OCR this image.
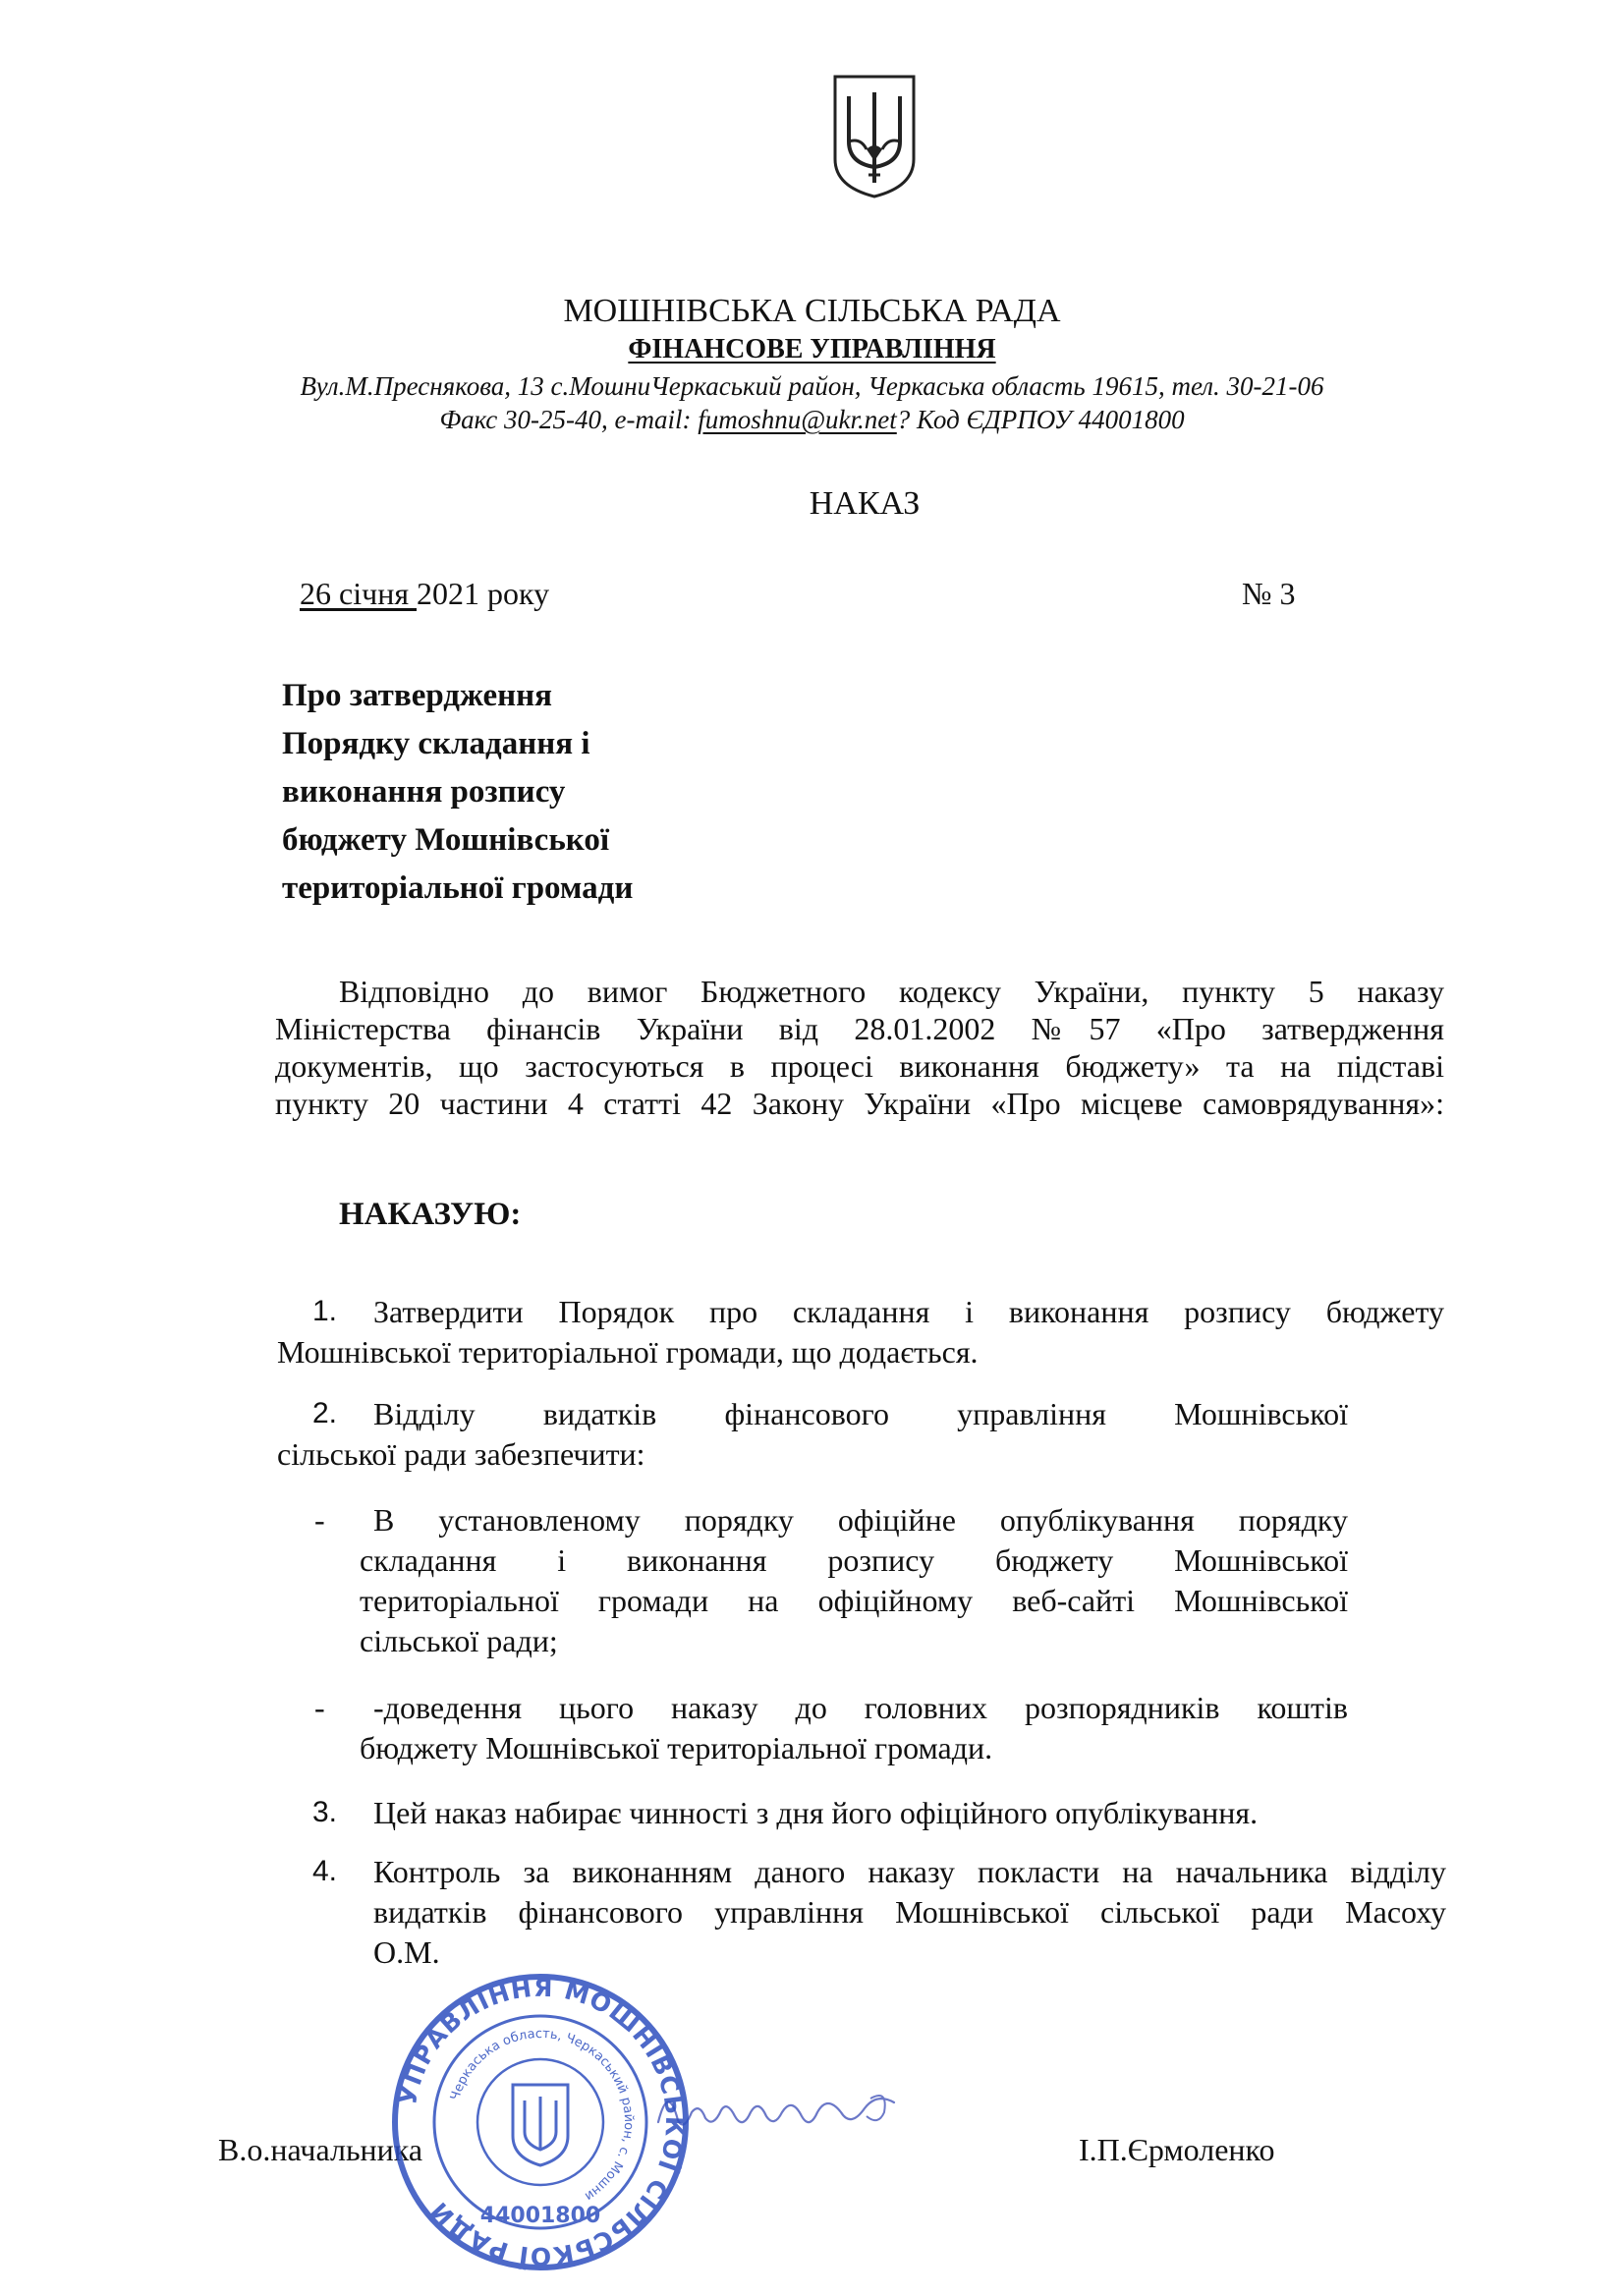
МОШНІВСЬКА СІЛЬСЬКА РАДА
ФІНАНСОВЕ УПРАВЛІННЯ
Вул.М.Преснякова, 13 с.МошниЧеркаський район, Черкаська область 19615, тел. 30-21-06
Факс 30-25-40, e-mail: fumoshnu@ukr.net? Код ЄДРПОУ 44001800
НАКАЗ
26 січня 2021 року	№ 3
Про затвердження
Порядку складання і
виконання розпису
бюджету Мошнівської
територіальної громади
Відповідно до вимог Бюджетного кодексу України, пункту 5 наказу
Міністерства фінансів України від 28.01.2002 №57 «Про затвердження
документів, що застосуються в процесі виконання бюджету» та на підставі
пункту 20 частини 4 статті 42 Закону України «Про місцеве самоврядування»:
НАКАЗУЮ:
1. Затвердити Порядок про складання і виконання розпису бюджету
Мошнівської територіальної громади, що додається.
2. Відділу видатків фінансового управління Мошнівської
сільської ради забезпечити:
-	В установленому порядку офіційне опублікування порядку
складання і виконання розпису бюджету Мошнівської
територіальної громади на офіційному веб-сайті Мошнівської
сільської ради;
-	-доведення цього наказу до головних розпорядників коштів
бюджету Мошнівської територіальної громади.
3. Цей наказ набирає чинності з дня його офіційного опублікування.
4. Контроль за виконанням даного наказу покласти на начальника відділу
видатків фінансового управління Мошнівської сільської ради Масоху
О.М.
В.о.начальника	І.П.Єрмоленко
УПРАВЛІННЯ МОШНІВСЬКОЇ СІЛЬСЬКОЇ РАДИ
Черкаська область, Черкаський район, с. Мошни
44001800
